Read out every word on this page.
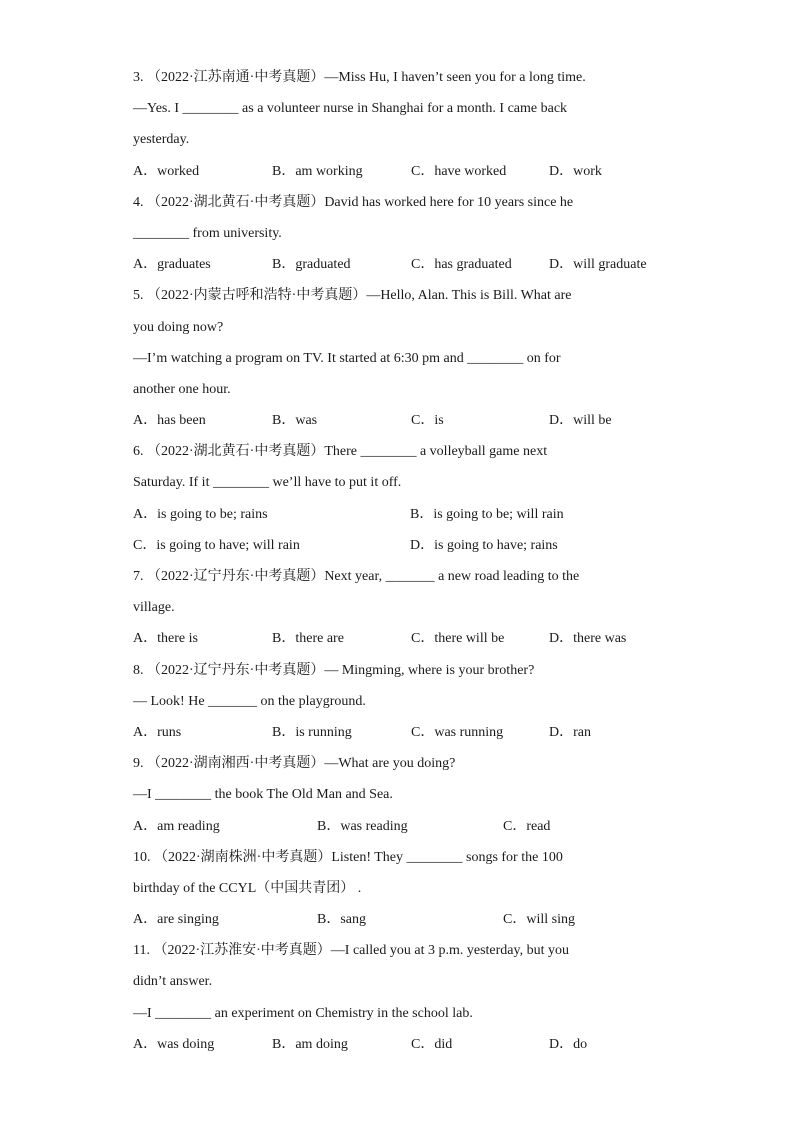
3. （2022·江苏南通·中考真题）—Miss Hu, I haven’t seen you for a long time.
—Yes. I ________ as a volunteer nurse in Shanghai for a month. I came back
yesterday.
A．worked	B．am working	C．have worked	D．work
4. （2022·湖北黄石·中考真题）David has worked here for 10 years since he
________ from university.
A．graduates	B．graduated	C．has graduated	D．will graduate
5. （2022·内蒙古呼和浩特·中考真题）—Hello, Alan. This is Bill. What are
you doing now?
—I’m watching a program on TV. It started at 6:30 pm and ________ on for
another one hour.
A．has been	B．was	C．is	D．will be
6. （2022·湖北黄石·中考真题）There ________ a volleyball game next
Saturday. If it ________ we’ll have to put it off.
A．is going to be; rains	B．is going to be; will rain
C．is going to have; will rain	D．is going to have; rains
7. （2022·辽宁丹东·中考真题）Next year, _______ a new road leading to the
village.
A．there is	B．there are	C．there will be	D．there was
8. （2022·辽宁丹东·中考真题）— Mingming, where is your brother?
— Look! He _______ on the playground.
A．runs	B．is running	C．was running	D．ran
9. （2022·湖南湘西·中考真题）—What are you doing?
—I ________ the book The Old Man and Sea.
A．am reading	B．was reading	C．read
10. （2022·湖南株洲·中考真题）Listen! They ________ songs for the 100
birthday of the CCYL（中国共青团） .
A．are singing	B．sang	C．will sing
11. （2022·江苏淮安·中考真题）—I called you at 3 p.m. yesterday, but you
didn’t answer.
—I ________ an experiment on Chemistry in the school lab.
A．was doing	B．am doing	C．did	D．do
